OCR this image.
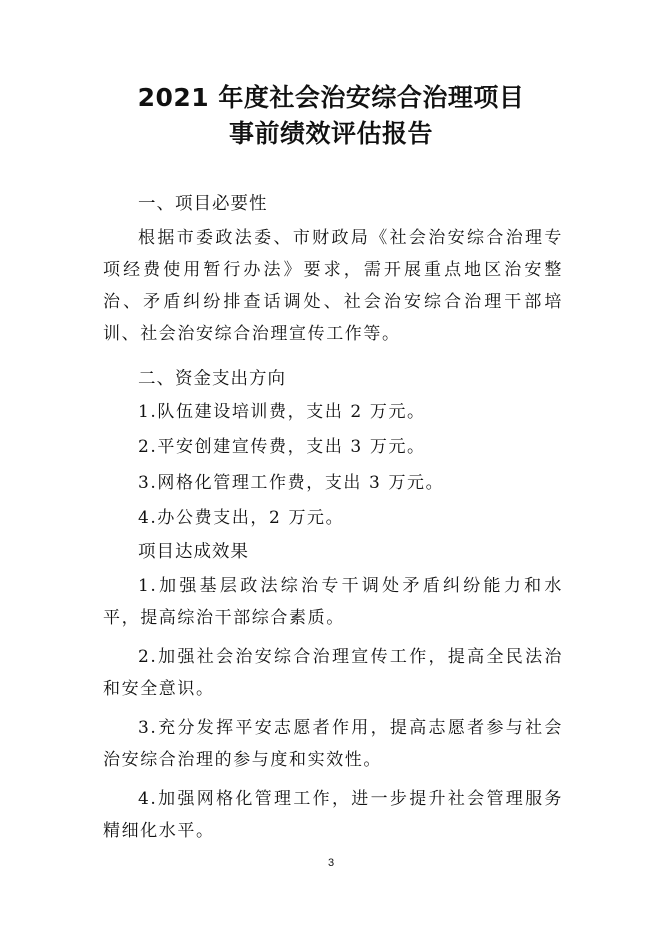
2021 年度社会治安综合治理项目
事前绩效评估报告
一、项目必要性
根据市委政法委、市财政局《社会治安综合治理专项经费使用暂行办法》要求，需开展重点地区治安整治、矛盾纠纷排查话调处、社会治安综合治理干部培训、社会治安综合治理宣传工作等。
二、资金支出方向
1.队伍建设培训费，支出 2 万元。
2.平安创建宣传费，支出 3 万元。
3.网格化管理工作费，支出 3 万元。
4.办公费支出，2 万元。
项目达成效果
1.加强基层政法综治专干调处矛盾纠纷能力和水平，提高综治干部综合素质。
2.加强社会治安综合治理宣传工作，提高全民法治和安全意识。
3.充分发挥平安志愿者作用，提高志愿者参与社会治安综合治理的参与度和实效性。
4.加强网格化管理工作，进一步提升社会管理服务精细化水平。
3
